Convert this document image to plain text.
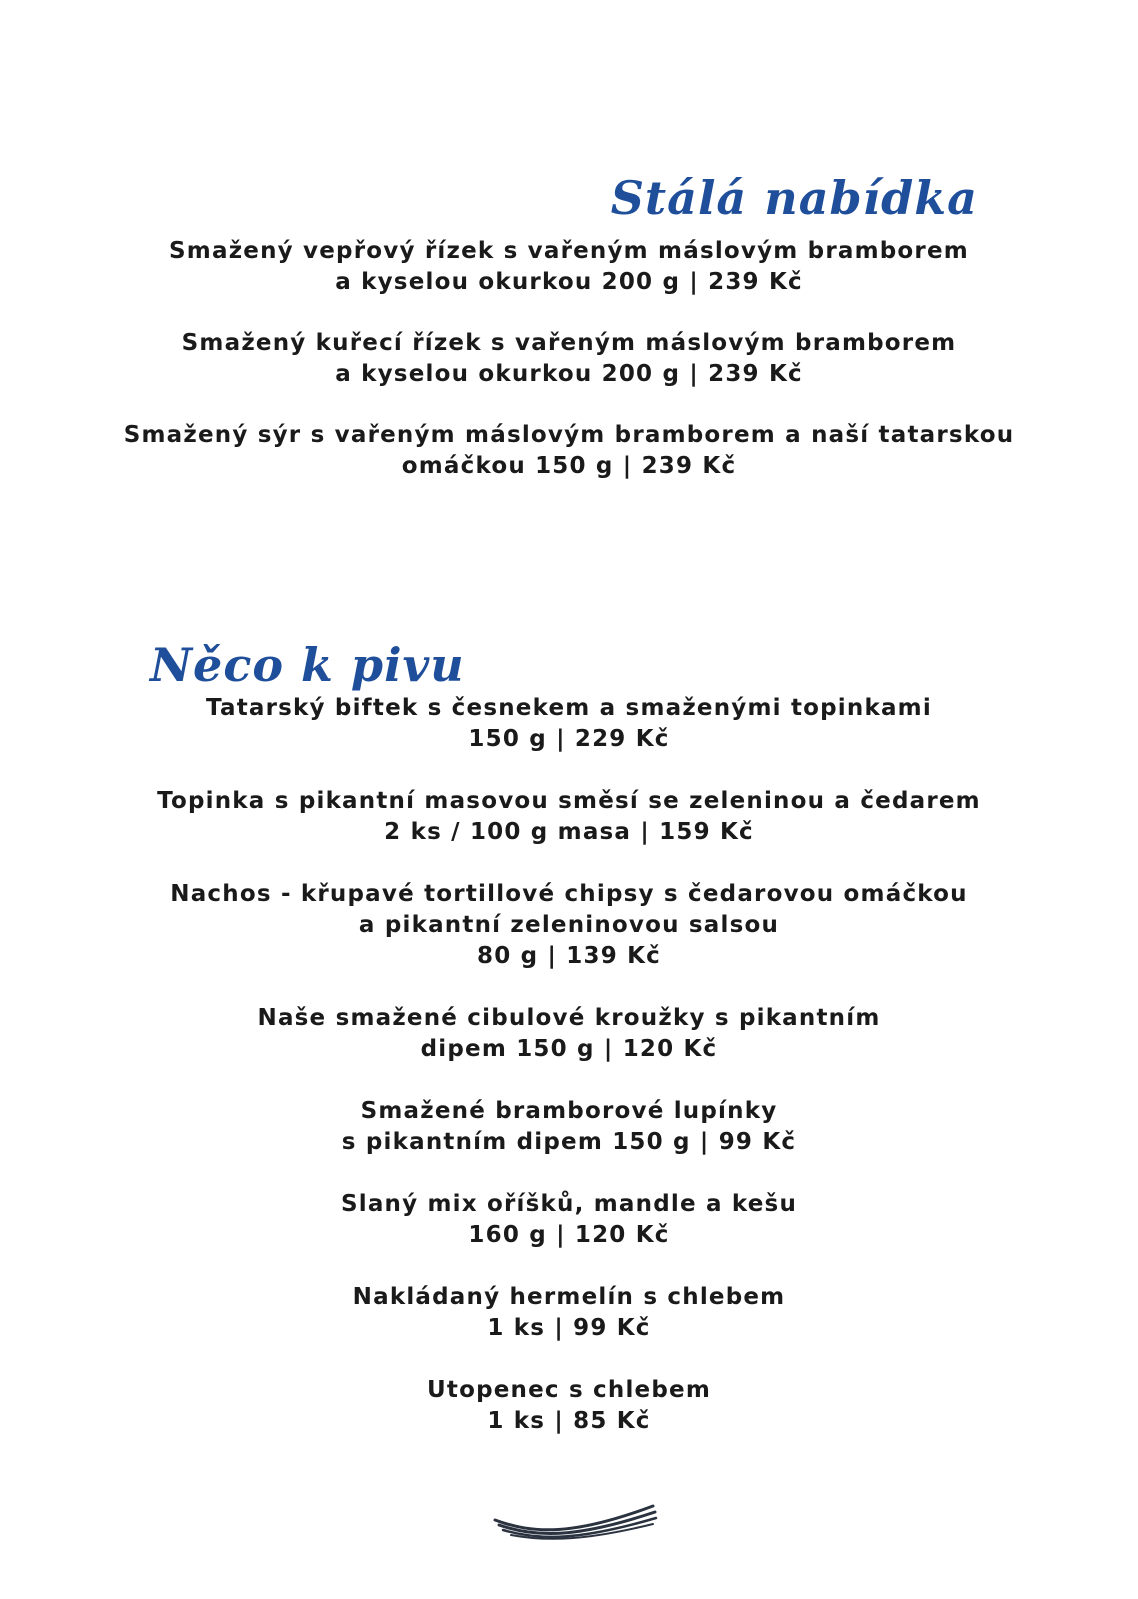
Stálá nabídka
Smažený vepřový řízek s vařeným máslovým bramborem
a kyselou okurkou 200 g | 239 Kč
Smažený kuřecí řízek s vařeným máslovým bramborem
a kyselou okurkou 200 g | 239 Kč
Smažený sýr s vařeným máslovým bramborem a naší tatarskou
omáčkou 150 g | 239 Kč
Něco k pivu
Tatarský biftek s česnekem a smaženými topinkami
150 g | 229 Kč
Topinka s pikantní masovou směsí se zeleninou a čedarem
2 ks / 100 g masa | 159 Kč
Nachos - křupavé tortillové chipsy s čedarovou omáčkou
a pikantní zeleninovou salsou
80 g | 139 Kč
Naše smažené cibulové kroužky s pikantním
dipem 150 g | 120 Kč
Smažené bramborové lupínky
s pikantním dipem 150 g | 99 Kč
Slaný mix oříšků, mandle a kešu
160 g | 120 Kč
Nakládaný hermelín s chlebem
1 ks | 99 Kč
Utopenec s chlebem
1 ks | 85 Kč
